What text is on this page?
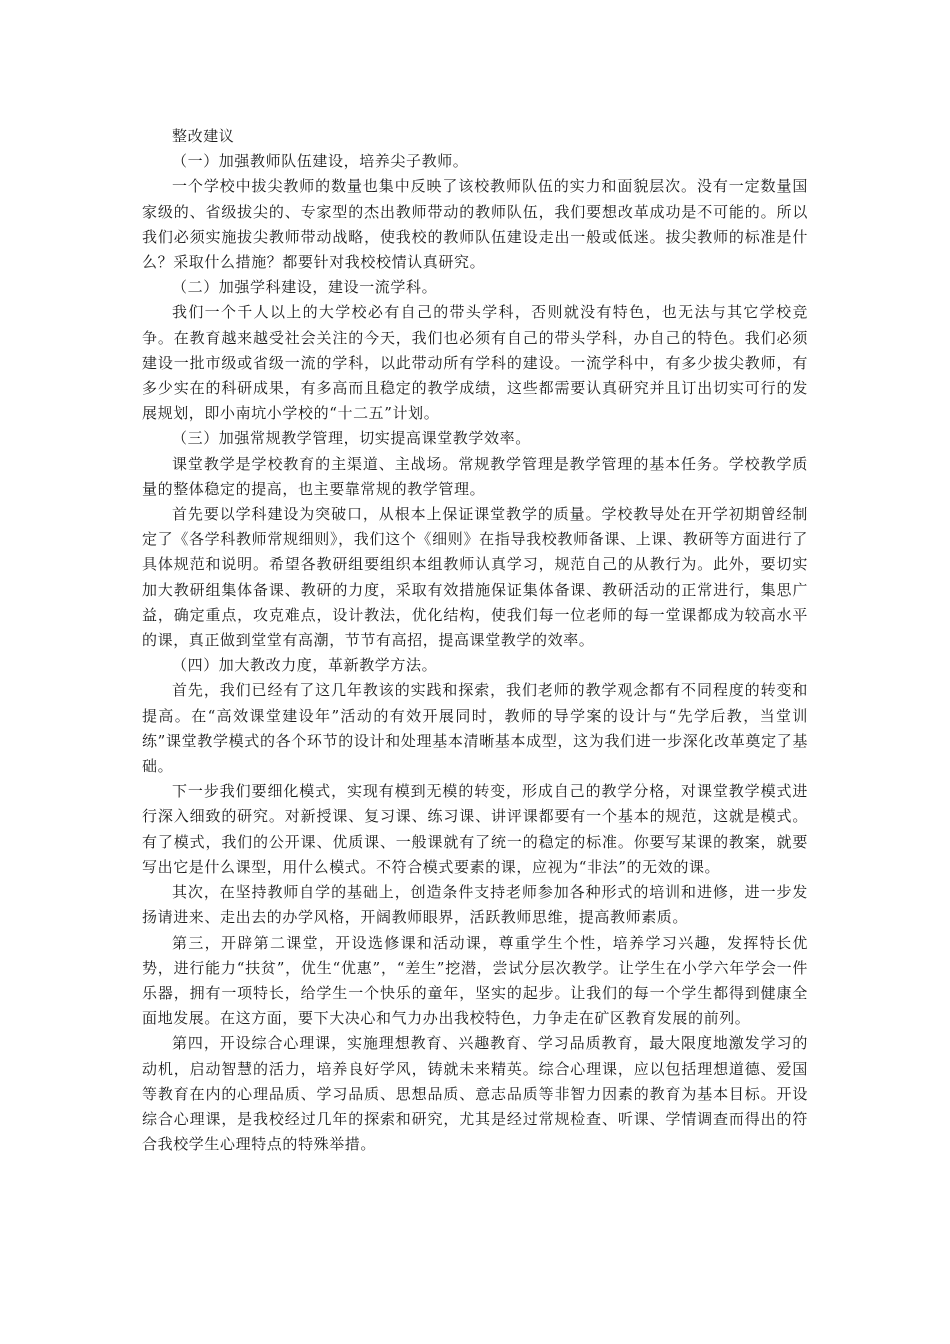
整改建议

（一）加强教师队伍建设，培养尖子教师。

一个学校中拔尖教师的数量也集中反映了该校教师队伍的实力和面貌层次。没有一定数量国家级的、省级拔尖的、专家型的杰出教师带动的教师队伍，我们要想改革成功是不可能的。所以我们必须实施拔尖教师带动战略，使我校的教师队伍建设走出一般或低迷。拔尖教师的标准是什么？采取什么措施？都要针对我校校情认真研究。

（二）加强学科建设，建设一流学科。

我们一个千人以上的大学校必有自己的带头学科，否则就没有特色，也无法与其它学校竞争。在教育越来越受社会关注的今天，我们也必须有自己的带头学科，办自己的特色。我们必须建设一批市级或省级一流的学科，以此带动所有学科的建设。一流学科中，有多少拔尖教师，有多少实在的科研成果，有多高而且稳定的教学成绩，这些都需要认真研究并且订出切实可行的发展规划，即小南坑小学校的“十二五”计划。

（三）加强常规教学管理，切实提高课堂教学效率。

课堂教学是学校教育的主渠道、主战场。常规教学管理是教学管理的基本任务。学校教学质量的整体稳定的提高，也主要靠常规的教学管理。

首先要以学科建设为突破口，从根本上保证课堂教学的质量。学校教导处在开学初期曾经制定了《各学科教师常规细则》，我们这个《细则》在指导我校教师备课、上课、教研等方面进行了具体规范和说明。希望各教研组要组织本组教师认真学习，规范自己的从教行为。此外，要切实加大教研组集体备课、教研的力度，采取有效措施保证集体备课、教研活动的正常进行，集思广益，确定重点，攻克难点，设计教法，优化结构，使我们每一位老师的每一堂课都成为较高水平的课，真正做到堂堂有高潮，节节有高招，提高课堂教学的效率。

（四）加大教改力度，革新教学方法。

首先，我们已经有了这几年教该的实践和探索，我们老师的教学观念都有不同程度的转变和提高。在“高效课堂建设年”活动的有效开展同时，教师的导学案的设计与“先学后教，当堂训练”课堂教学模式的各个环节的设计和处理基本清晰基本成型，这为我们进一步深化改革奠定了基础。

下一步我们要细化模式，实现有模到无模的转变，形成自己的教学分格，对课堂教学模式进行深入细致的研究。对新授课、复习课、练习课、讲评课都要有一个基本的规范，这就是模式。有了模式，我们的公开课、优质课、一般课就有了统一的稳定的标准。你要写某课的教案，就要写出它是什么课型，用什么模式。不符合模式要素的课，应视为“非法”的无效的课。

其次，在坚持教师自学的基础上，创造条件支持老师参加各种形式的培训和进修，进一步发扬请进来、走出去的办学风格，开阔教师眼界，活跃教师思维，提高教师素质。

第三，开辟第二课堂，开设选修课和活动课，尊重学生个性，培养学习兴趣，发挥特长优势，进行能力“扶贫”，优生“优惠”，“差生”挖潜，尝试分层次教学。让学生在小学六年学会一件乐器，拥有一项特长，给学生一个快乐的童年，坚实的起步。让我们的每一个学生都得到健康全面地发展。在这方面，要下大决心和气力办出我校特色，力争走在矿区教育发展的前列。

第四，开设综合心理课，实施理想教育、兴趣教育、学习品质教育，最大限度地激发学习的动机，启动智慧的活力，培养良好学风，铸就未来精英。综合心理课，应以包括理想道德、爱国等教育在内的心理品质、学习品质、思想品质、意志品质等非智力因素的教育为基本目标。开设综合心理课，是我校经过几年的探索和研究，尤其是经过常规检查、听课、学情调查而得出的符合我校学生心理特点的特殊举措。
